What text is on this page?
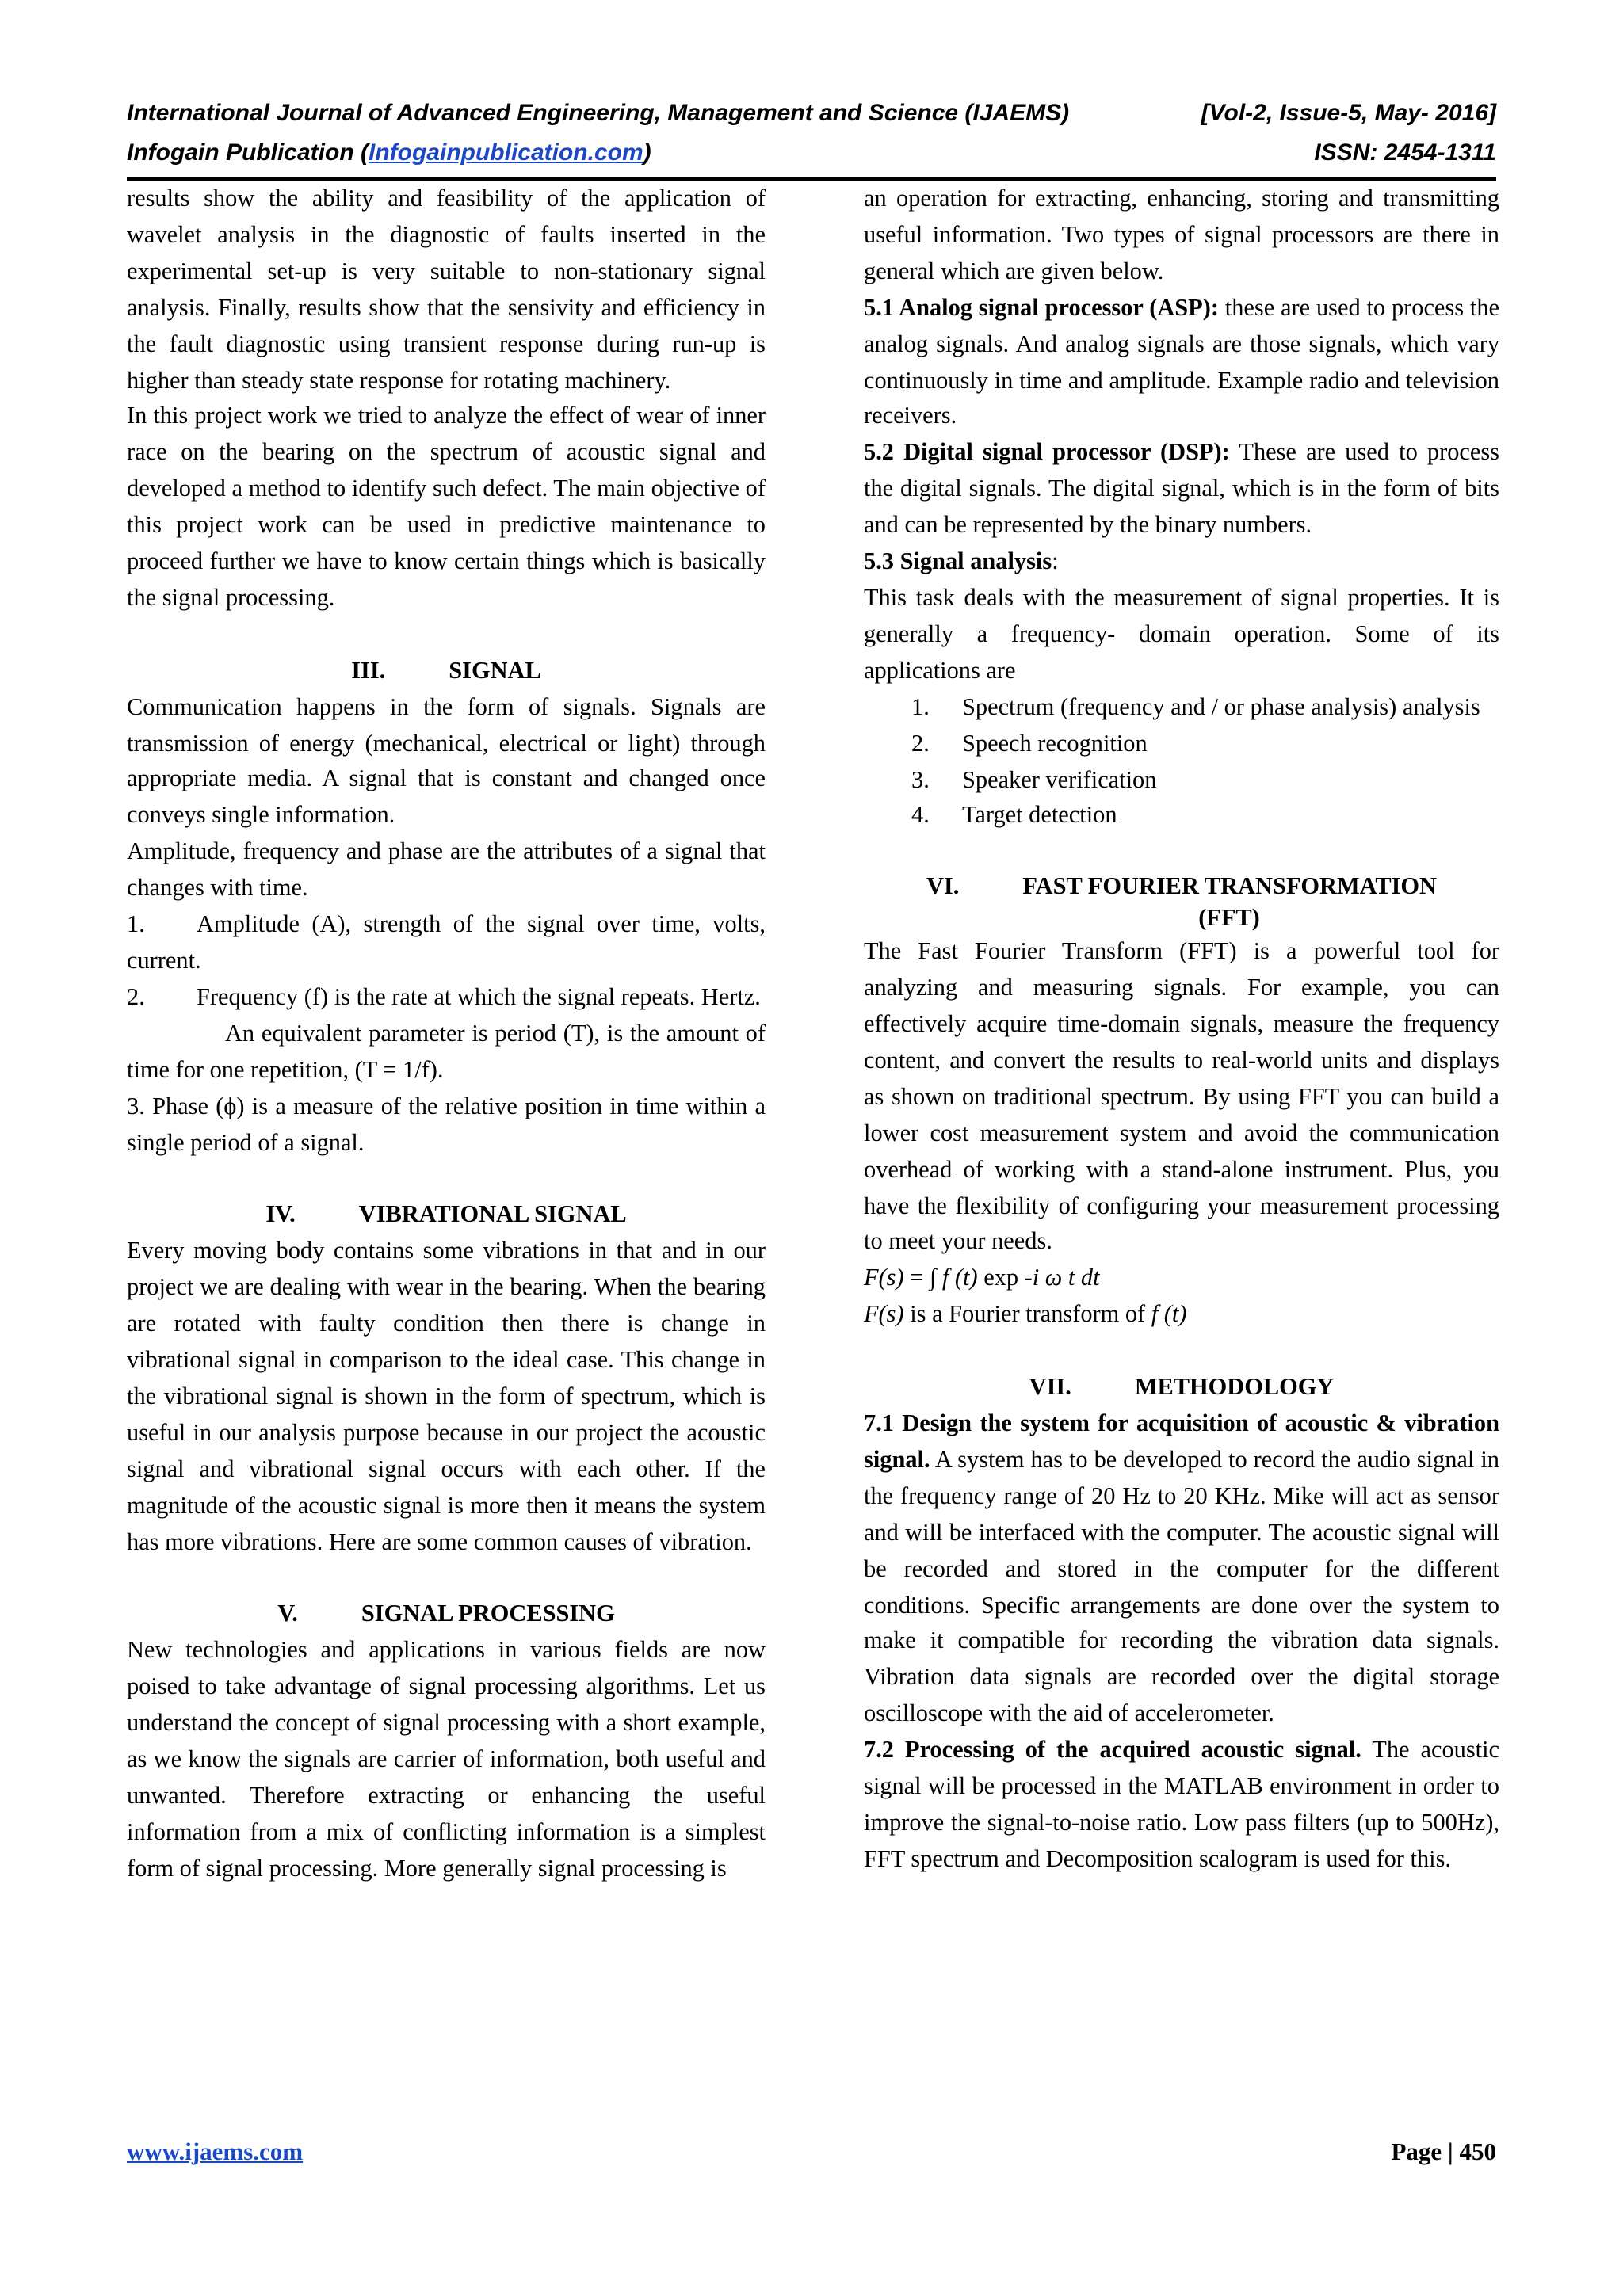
International Journal of Advanced Engineering, Management and Science (IJAEMS)	[Vol-2, Issue-5, May- 2016]
Infogain Publication (Infogainpublication.com)	ISSN: 2454-1311

results show the ability and feasibility of the application of wavelet analysis in the diagnostic of faults inserted in the experimental set-up is very suitable to non-stationary signal analysis. Finally, results show that the sensivity and efficiency in the fault diagnostic using transient response during run-up is higher than steady state response for rotating machinery.

In this project work we tried to analyze the effect of wear of inner race on the bearing on the spectrum of acoustic signal and developed a method to identify such defect. The main objective of this project work can be used in predictive maintenance to proceed further we have to know certain things which is basically the signal processing.

III.	SIGNAL

Communication happens in the form of signals. Signals are transmission of energy (mechanical, electrical or light) through appropriate media. A signal that is constant and changed once conveys single information.

Amplitude, frequency and phase are the attributes of a signal that changes with time.

1.	Amplitude (A), strength of the signal over time, volts, current.

2.	Frequency (f) is the rate at which the signal repeats. Hertz.

An equivalent parameter is period (T), is the amount of time for one repetition, (T = 1/f).

3. Phase (ϕ) is a measure of the relative position in time within a single period of a signal.

IV.	VIBRATIONAL SIGNAL

Every moving body contains some vibrations in that and in our project we are dealing with wear in the bearing. When the bearing are rotated with faulty condition then there is change in vibrational signal in comparison to the ideal case. This change in the vibrational signal is shown in the form of spectrum, which is useful in our analysis purpose because in our project the acoustic signal and vibrational signal occurs with each other. If the magnitude of the acoustic signal is more then it means the system has more vibrations. Here are some common causes of vibration.

V.	SIGNAL PROCESSING

New technologies and applications in various fields are now poised to take advantage of signal processing algorithms. Let us understand the concept of signal processing with a short example, as we know the signals are carrier of information, both useful and unwanted. Therefore extracting or enhancing the useful information from a mix of conflicting information is a simplest form of signal processing. More generally signal processing is

an operation for extracting, enhancing, storing and transmitting useful information. Two types of signal processors are there in general which are given below.

5.1 Analog signal processor (ASP): these are used to process the analog signals. And analog signals are those signals, which vary continuously in time and amplitude. Example radio and television receivers.

5.2 Digital signal processor (DSP): These are used to process the digital signals. The digital signal, which is in the form of bits and can be represented by the binary numbers.

5.3 Signal analysis:

This task deals with the measurement of signal properties. It is generally a frequency- domain operation. Some of its applications are

1.	Spectrum (frequency and / or phase analysis) analysis
2.	Speech recognition
3.	Speaker verification
4.	Target detection

VI.	FAST FOURIER TRANSFORMATION

(FFT)

The Fast Fourier Transform (FFT) is a powerful tool for analyzing and measuring signals. For example, you can effectively acquire time-domain signals, measure the frequency content, and convert the results to real-world units and displays as shown on traditional spectrum. By using FFT you can build a lower cost measurement system and avoid the communication overhead of working with a stand-alone instrument. Plus, you have the flexibility of configuring your measurement processing to meet your needs.

F(s) = ∫ f (t) exp -i ω t dt

F(s) is a Fourier transform of f (t)

VII.	METHODOLOGY

7.1 Design the system for acquisition of acoustic & vibration signal. A system has to be developed to record the audio signal in the frequency range of 20 Hz to 20 KHz. Mike will act as sensor and will be interfaced with the computer. The acoustic signal will be recorded and stored in the computer for the different conditions. Specific arrangements are done over the system to make it compatible for recording the vibration data signals. Vibration data signals are recorded over the digital storage oscilloscope with the aid of accelerometer.

7.2 Processing of the acquired acoustic signal. The acoustic signal will be processed in the MATLAB environment in order to improve the signal-to-noise ratio. Low pass filters (up to 500Hz), FFT spectrum and Decomposition scalogram is used for this.

www.ijaems.com	Page | 450
